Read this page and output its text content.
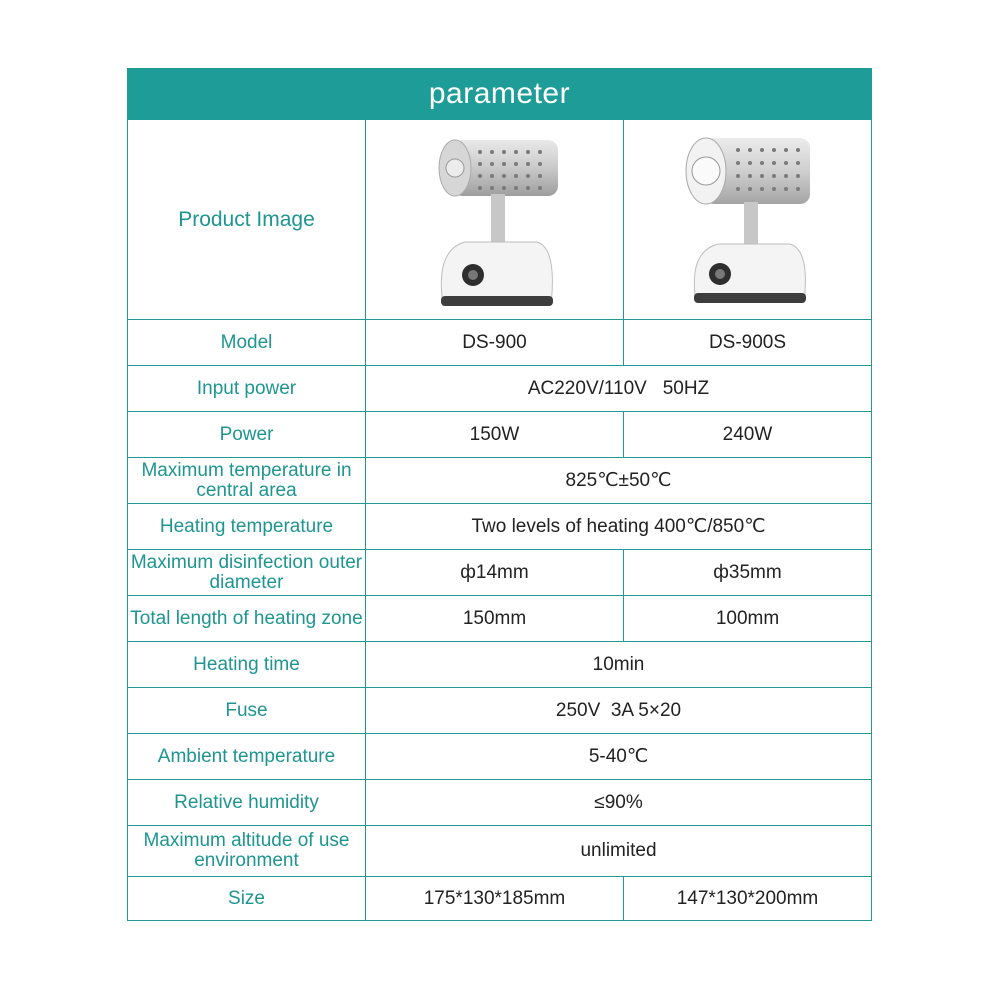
parameter
Product Image
Model	DS-900	DS-900S
Input power	AC220V/110V   50HZ
Power	150W	240W
Maximum temperature in central area	825℃±50℃
Heating temperature	Two levels of heating 400℃/850℃
Maximum disinfection outer diameter	ф14mm	ф35mm
Total length of heating zone	150mm	100mm
Heating time	10min
Fuse	250V  3A 5×20
Ambient temperature	5-40℃
Relative humidity	≤90%
Maximum altitude of use environment	unlimited
Size	175*130*185mm	147*130*200mm
